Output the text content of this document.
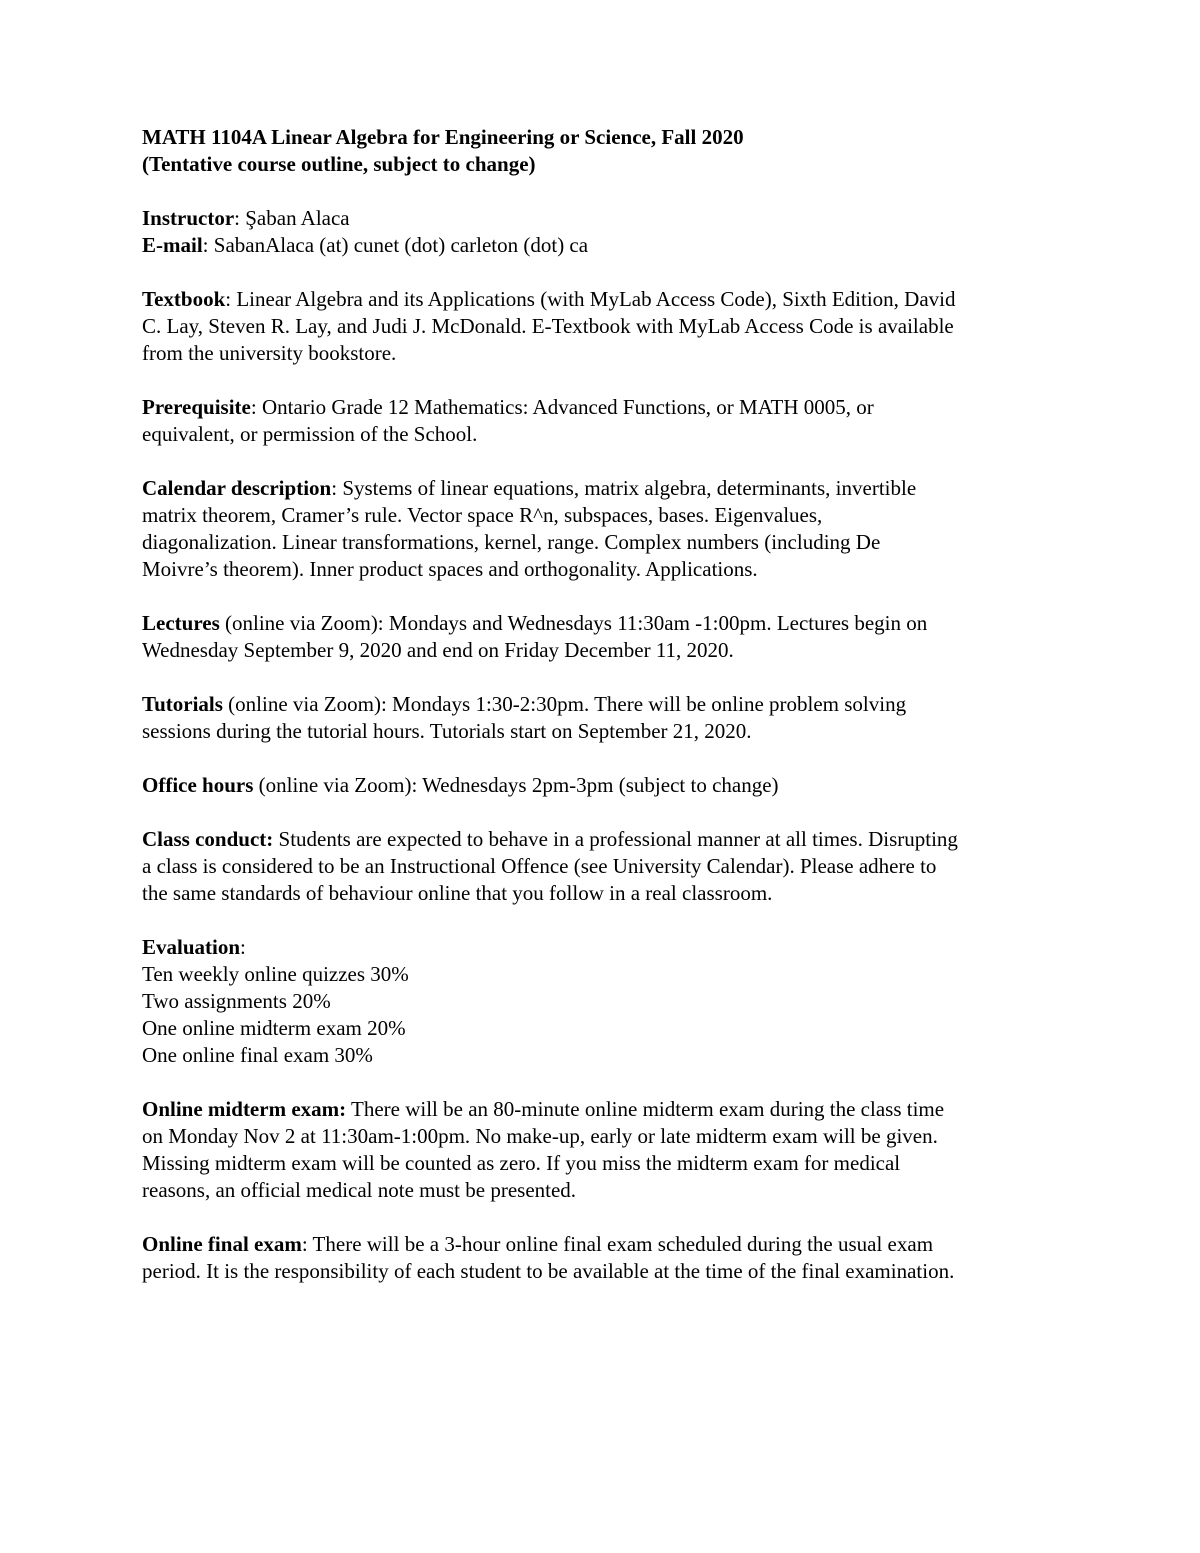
MATH 1104A Linear Algebra for Engineering or Science, Fall 2020
(Tentative course outline, subject to change)
Instructor: Şaban Alaca
E-mail: SabanAlaca (at) cunet (dot) carleton (dot) ca
Textbook: Linear Algebra and its Applications (with MyLab Access Code), Sixth Edition, David
C. Lay, Steven R. Lay, and Judi J. McDonald. E-Textbook with MyLab Access Code is available
from the university bookstore.
Prerequisite: Ontario Grade 12 Mathematics: Advanced Functions, or MATH 0005, or
equivalent, or permission of the School.
Calendar description: Systems of linear equations, matrix algebra, determinants, invertible
matrix theorem, Cramer’s rule. Vector space R^n, subspaces, bases. Eigenvalues,
diagonalization. Linear transformations, kernel, range. Complex numbers (including De
Moivre’s theorem). Inner product spaces and orthogonality. Applications.
Lectures (online via Zoom): Mondays and Wednesdays 11:30am -1:00pm. Lectures begin on
Wednesday September 9, 2020 and end on Friday December 11, 2020.
Tutorials (online via Zoom): Mondays 1:30-2:30pm. There will be online problem solving
sessions during the tutorial hours. Tutorials start on September 21, 2020.
Office hours (online via Zoom): Wednesdays 2pm-3pm (subject to change)
Class conduct: Students are expected to behave in a professional manner at all times. Disrupting
a class is considered to be an Instructional Offence (see University Calendar). Please adhere to
the same standards of behaviour online that you follow in a real classroom.
Evaluation:
Ten weekly online quizzes 30%
Two assignments 20%
One online midterm exam 20%
One online final exam 30%
Online midterm exam: There will be an 80-minute online midterm exam during the class time
on Monday Nov 2 at 11:30am-1:00pm. No make-up, early or late midterm exam will be given.
Missing midterm exam will be counted as zero. If you miss the midterm exam for medical
reasons, an official medical note must be presented.
Online final exam: There will be a 3-hour online final exam scheduled during the usual exam
period. It is the responsibility of each student to be available at the time of the final examination.
